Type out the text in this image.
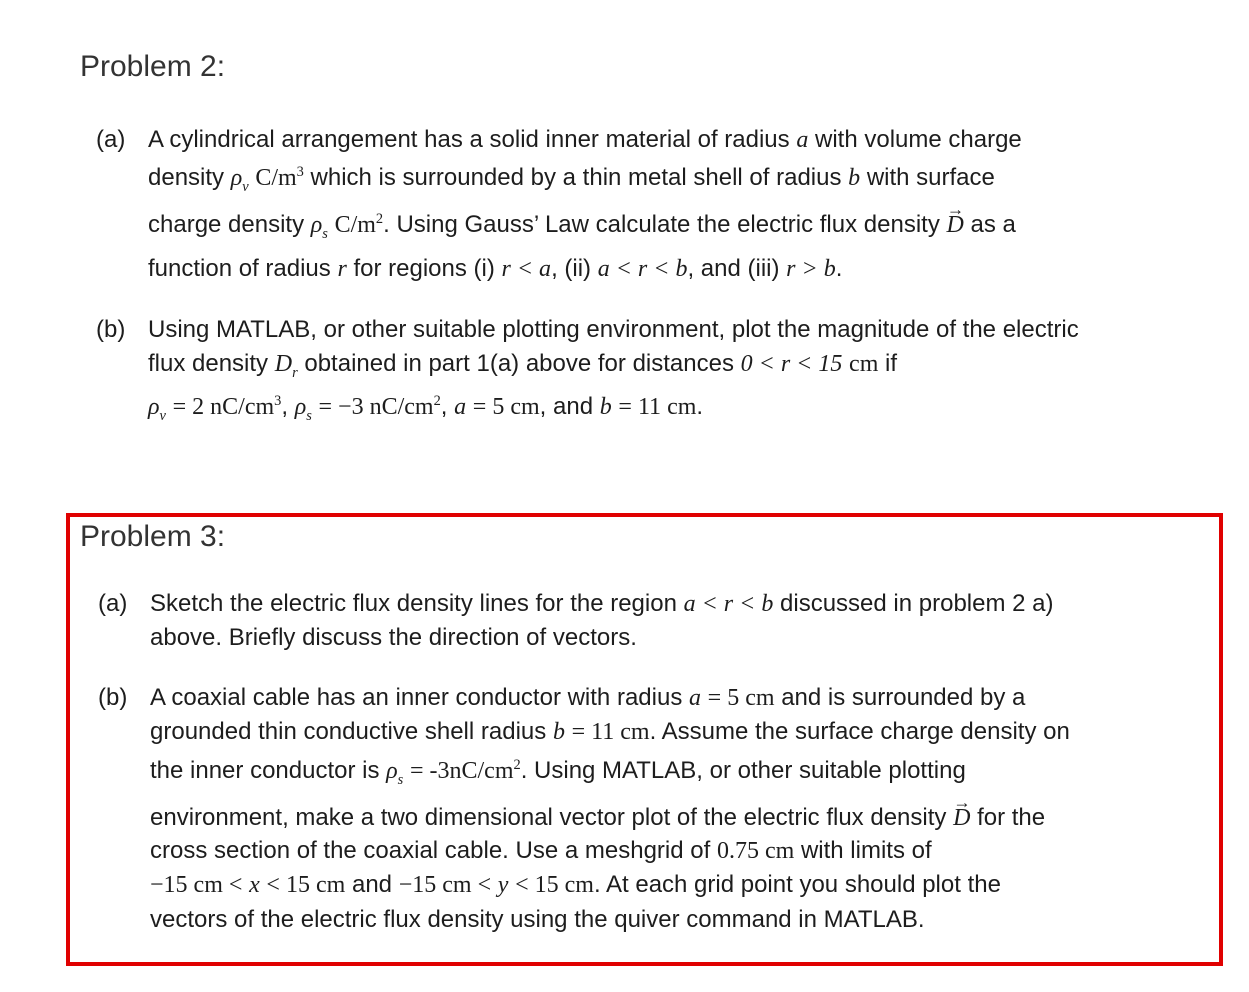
Problem 2:
(a) A cylindrical arrangement has a solid inner material of radius a with volume charge
density $\rho_v$ $C/m^3$ which is surrounded by a thin metal shell of radius b with surface
charge density $\rho_s$ $C/m^2$. Using Gauss’ Law calculate the electric flux density → D as a
function of radius r for regions (i) r < a, (ii) a < r < b, and (iii) r > b.
(b) Using MATLAB, or other suitable plotting environment, plot the magnitude of the electric
flux density $D_r$ obtained in part 1(a) above for distances 0 < r < 15 cm if
$\rho_v = 2$ $nC/cm^3$, $\rho_s = -3$ $nC/cm^2$, a = 5 cm, and b = 11 cm.
Problem 3:
(a) Sketch the electric flux density lines for the region a < r < b discussed in problem 2 a)
above. Briefly discuss the direction of vectors.
(b) A coaxial cable has an inner conductor with radius a = 5 cm and is surrounded by a
grounded thin conductive shell radius b = 11 cm. Assume the surface charge density on
the inner conductor is $\rho_s = -3nC/cm^2$. Using MATLAB, or other suitable plotting
environment, make a two dimensional vector plot of the electric flux density → D for the
cross section of the coaxial cable. Use a meshgrid of 0.75 cm with limits of
−15 cm < x < 15 cm and −15 cm < y < 15 cm. At each grid point you should plot the
vectors of the electric flux density using the quiver command in MATLAB.
